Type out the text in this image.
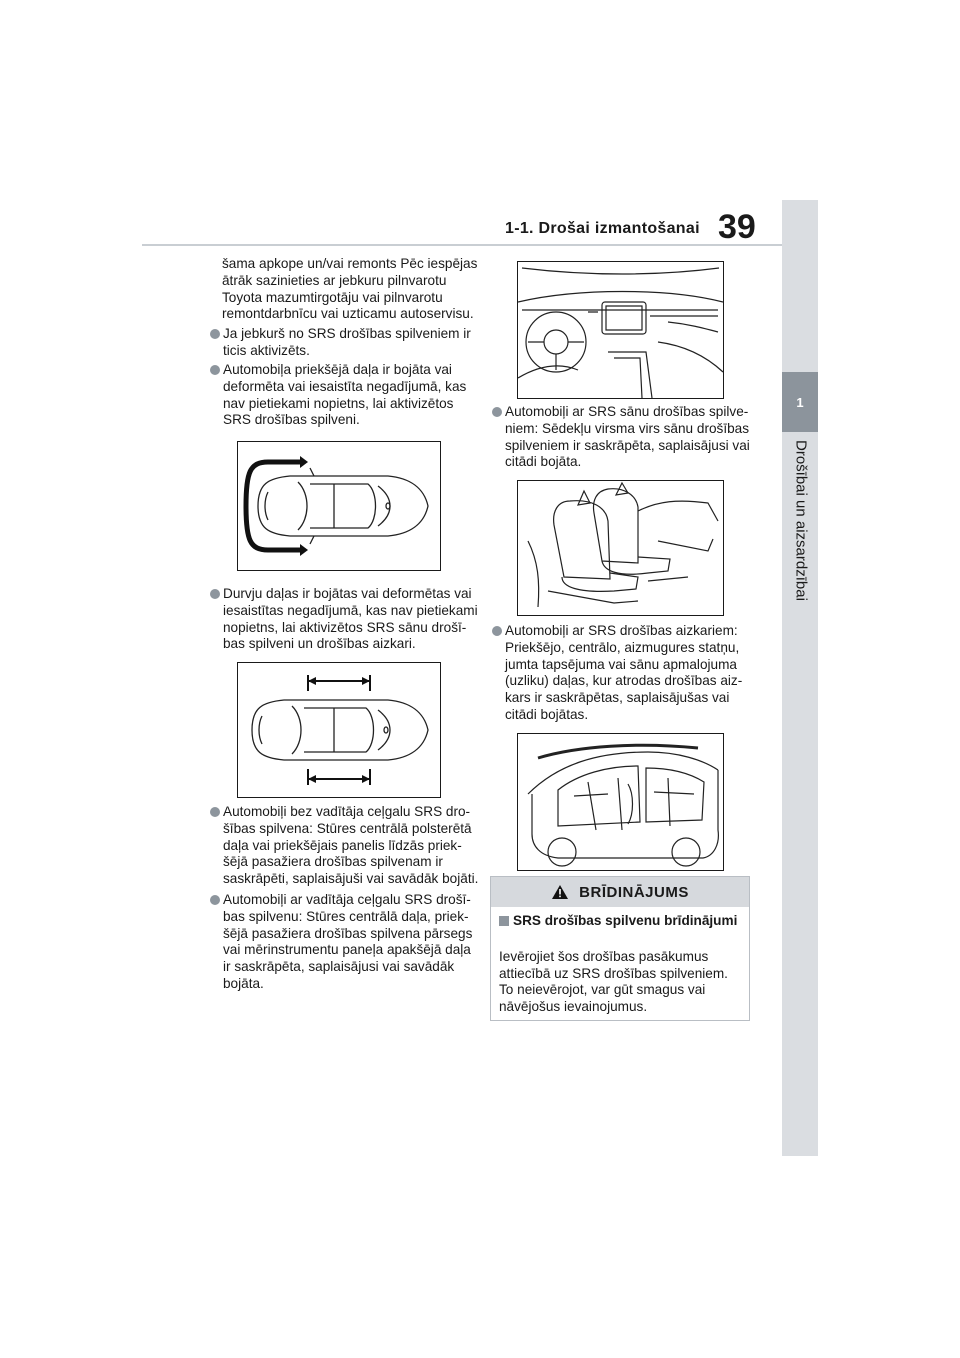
1-1. Drošai izmantošanai 39
1
Drošībai un aizsardzībai
šama apkope un/vai remonts Pēc iespējas ātrāk sazinieties ar jebkuru pilnvarotu Toyota mazumtirgotāju vai pilnvarotu remontdarbnīcu vai uzticamu autoservisu.
Ja jebkurš no SRS drošības spilveniem ir ticis aktivizēts.
Automobiļa priekšējā daļa ir bojāta vai deformēta vai iesaistīta negadījumā, kas nav pietiekami nopietns, lai aktivizētos SRS drošības spilveni.
Durvju daļas ir bojātas vai deformētas vai iesaistītas negadījumā, kas nav pietiekami nopietns, lai aktivizētos SRS sānu drošī-bas spilveni un drošības aizkari.
Automobiļi bez vadītāja ceļgalu SRS dro-šības spilvena: Stūres centrālā polsterētā daļa vai priekšējais panelis līdzās priek-šējā pasažiera drošības spilvenam ir saskrāpēti, saplaisājuši vai savādāk bojāti.
Automobiļi ar vadītāja ceļgalu SRS drošī-bas spilvenu: Stūres centrālā daļa, priek-šējā pasažiera drošības spilvena pārsegs vai mērinstrumentu paneļa apakšējā daļa ir saskrāpēta, saplaisājusi vai savādāk bojāta.
Automobiļi ar SRS sānu drošības spilve-niem: Sēdekļu virsma virs sānu drošības spilveniem ir saskrāpēta, saplaisājusi vai citādi bojāta.
Automobiļi ar SRS drošības aizkariem: Priekšējo, centrālo, aizmugures statņu, jumta tapsējuma vai sānu apmalojuma (uzliku) daļas, kur atrodas drošības aiz-kars ir saskrāpētas, saplaisājušas vai citādi bojātas.
BRĪDINĀJUMS
SRS drošības spilvenu brīdinājumi
Ievērojiet šos drošības pasākumus attiecībā uz SRS drošības spilveniem. To neievērojot, var gūt smagus vai nāvējošus ievainojumus.
